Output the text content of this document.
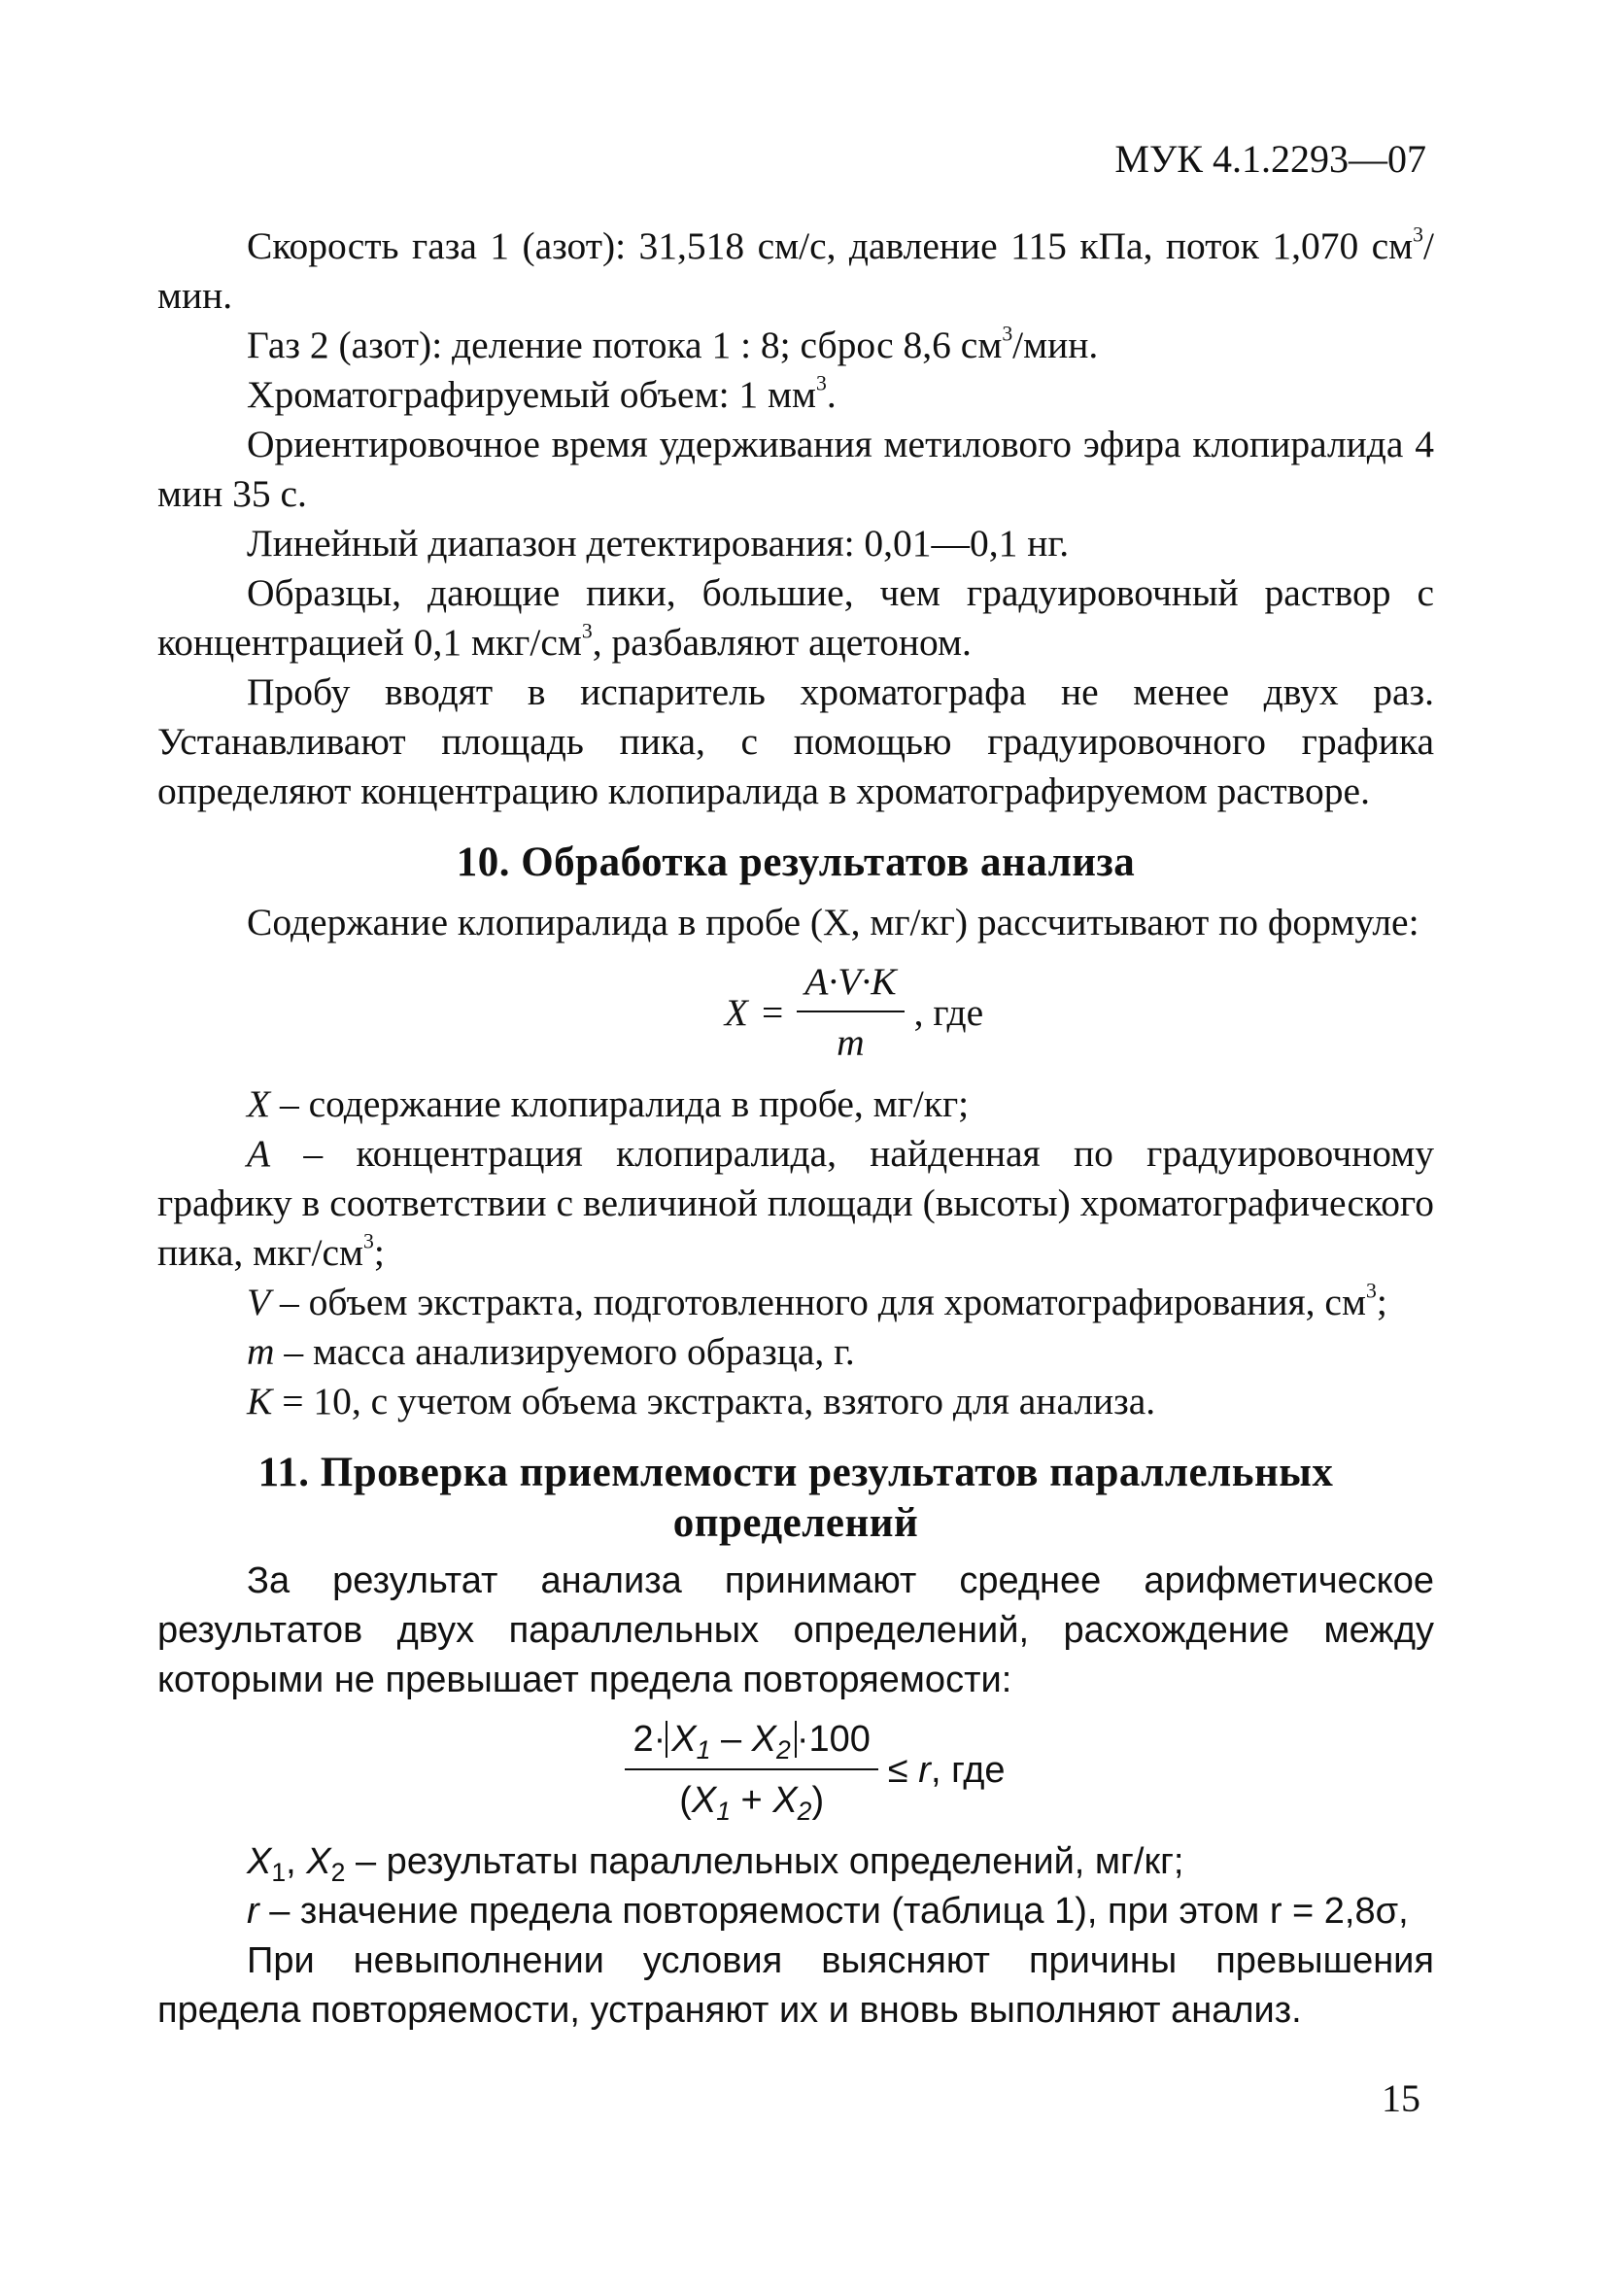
МУК 4.1.2293—07

Скорость газа 1 (азот): 31,518 см/с, давление 115 кПа, поток 1,070 $см^3$/мин.

Газ 2 (азот): деление потока 1 : 8; сброс 8,6 $см^3$/мин.

Хроматографируемый объем: 1 $мм^3$.

Ориентировочное время удерживания метилового эфира клопиралида 4 мин 35 с.

Линейный диапазон детектирования: 0,01—0,1 нг.

Образцы, дающие пики, большие, чем градуировочный раствор с концентрацией 0,1 мкг/$см^3$, разбавляют ацетоном.

Пробу вводят в испаритель хроматографа не менее двух раз. Устанавливают площадь пика, с помощью градуировочного графика определяют концентрацию клопиралида в хроматографируемом растворе.

10. Обработка результатов анализа

Содержание клопиралида в пробе (X, мг/кг) рассчитывают по формуле:

$X = \frac{A\cdot V\cdot K}{m}$ , где

X – содержание клопиралида в пробе, мг/кг;

A – концентрация клопиралида, найденная по градуировочному графику в соответствии с величиной площади (высоты) хроматографического пика, мкг/$см^3$;

V – объем экстракта, подготовленного для хроматографирования, $см^3$;

m – масса анализируемого образца, г.

K = 10, с учетом объема экстракта, взятого для анализа.

11. Проверка приемлемости результатов параллельных определений

За результат анализа принимают среднее арифметическое результатов двух параллельных определений, расхождение между которыми не превышает предела повторяемости:

$\frac{2\cdot X_1 - X_2 \cdot 100}{(X_1 + X_2)} \le r$, где

$X_1$, $X_2$ – результаты параллельных определений, мг/кг;

r – значение предела повторяемости (таблица 1), при этом r = 2,8σ,

При невыполнении условия выясняют причины превышения предела повторяемости, устраняют их и вновь выполняют анализ.

15
